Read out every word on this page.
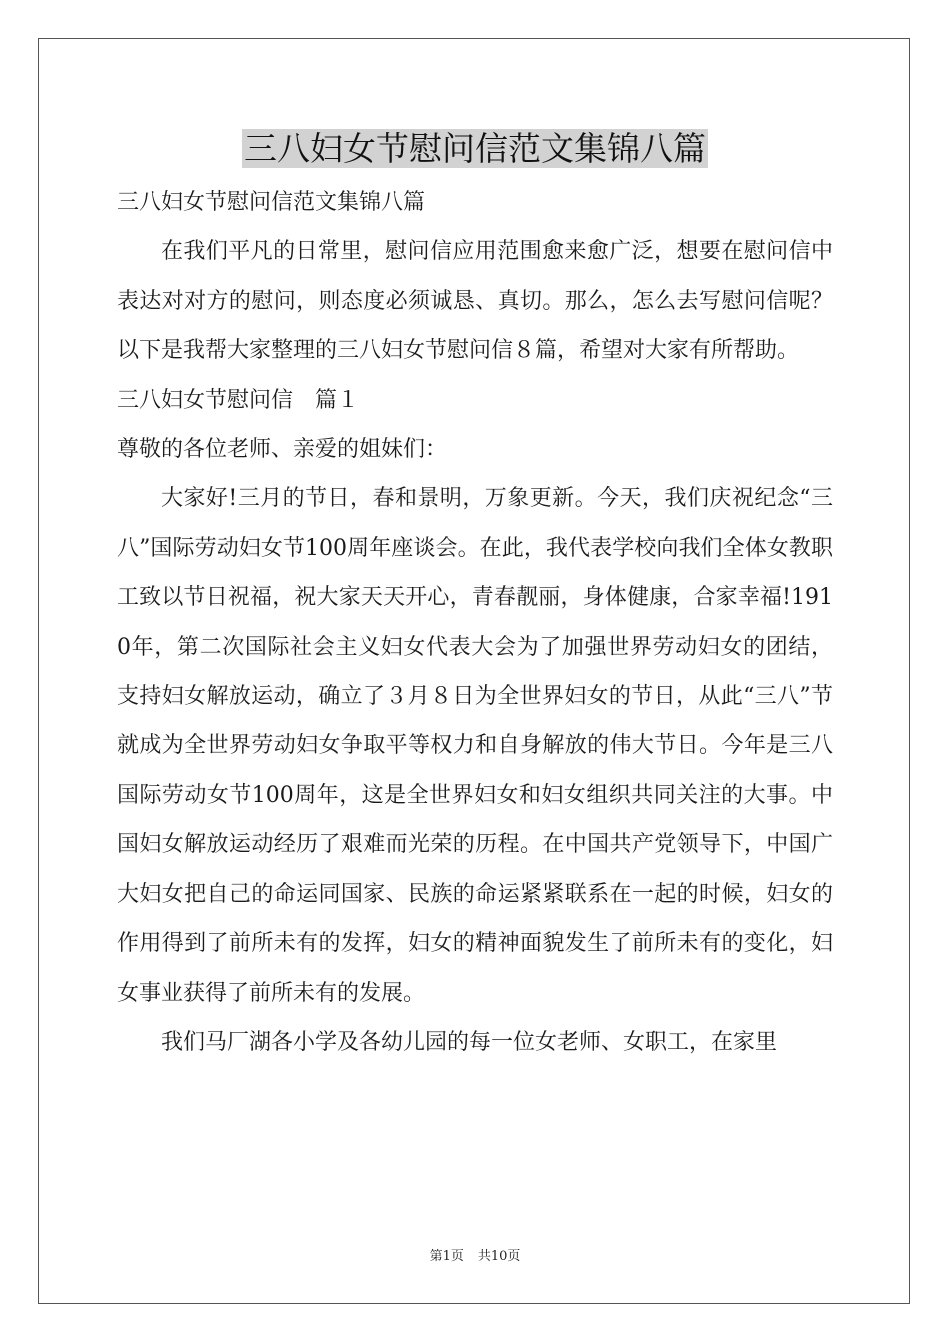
三八妇女节慰问信范文集锦八篇

三八妇女节慰问信范文集锦八篇

在我们平凡的日常里，慰问信应用范围愈来愈广泛，想要在慰问信中表达对对方的慰问，则态度必须诚恳、真切。那么，怎么去写慰问信呢？以下是我帮大家整理的三八妇女节慰问信８篇，希望对大家有所帮助。

三八妇女节慰问信　篇１

尊敬的各位老师、亲爱的姐妹们：

大家好!三月的节日，春和景明，万象更新。今天，我们庆祝纪念“三八”国际劳动妇女节100周年座谈会。在此，我代表学校向我们全体女教职工致以节日祝福，祝大家天天开心，青春靓丽，身体健康，合家幸福!1910年，第二次国际社会主义妇女代表大会为了加强世界劳动妇女的团结，支持妇女解放运动，确立了３月８日为全世界妇女的节日，从此“三八”节就成为全世界劳动妇女争取平等权力和自身解放的伟大节日。今年是三八国际劳动女节100周年，这是全世界妇女和妇女组织共同关注的大事。中国妇女解放运动经历了艰难而光荣的历程。在中国共产党领导下，中国广大妇女把自己的命运同国家、民族的命运紧紧联系在一起的时候，妇女的作用得到了前所未有的发挥，妇女的精神面貌发生了前所未有的变化，妇女事业获得了前所未有的发展。

我们马厂湖各小学及各幼儿园的每一位女老师、女职工，在家里

第1页 共10页
